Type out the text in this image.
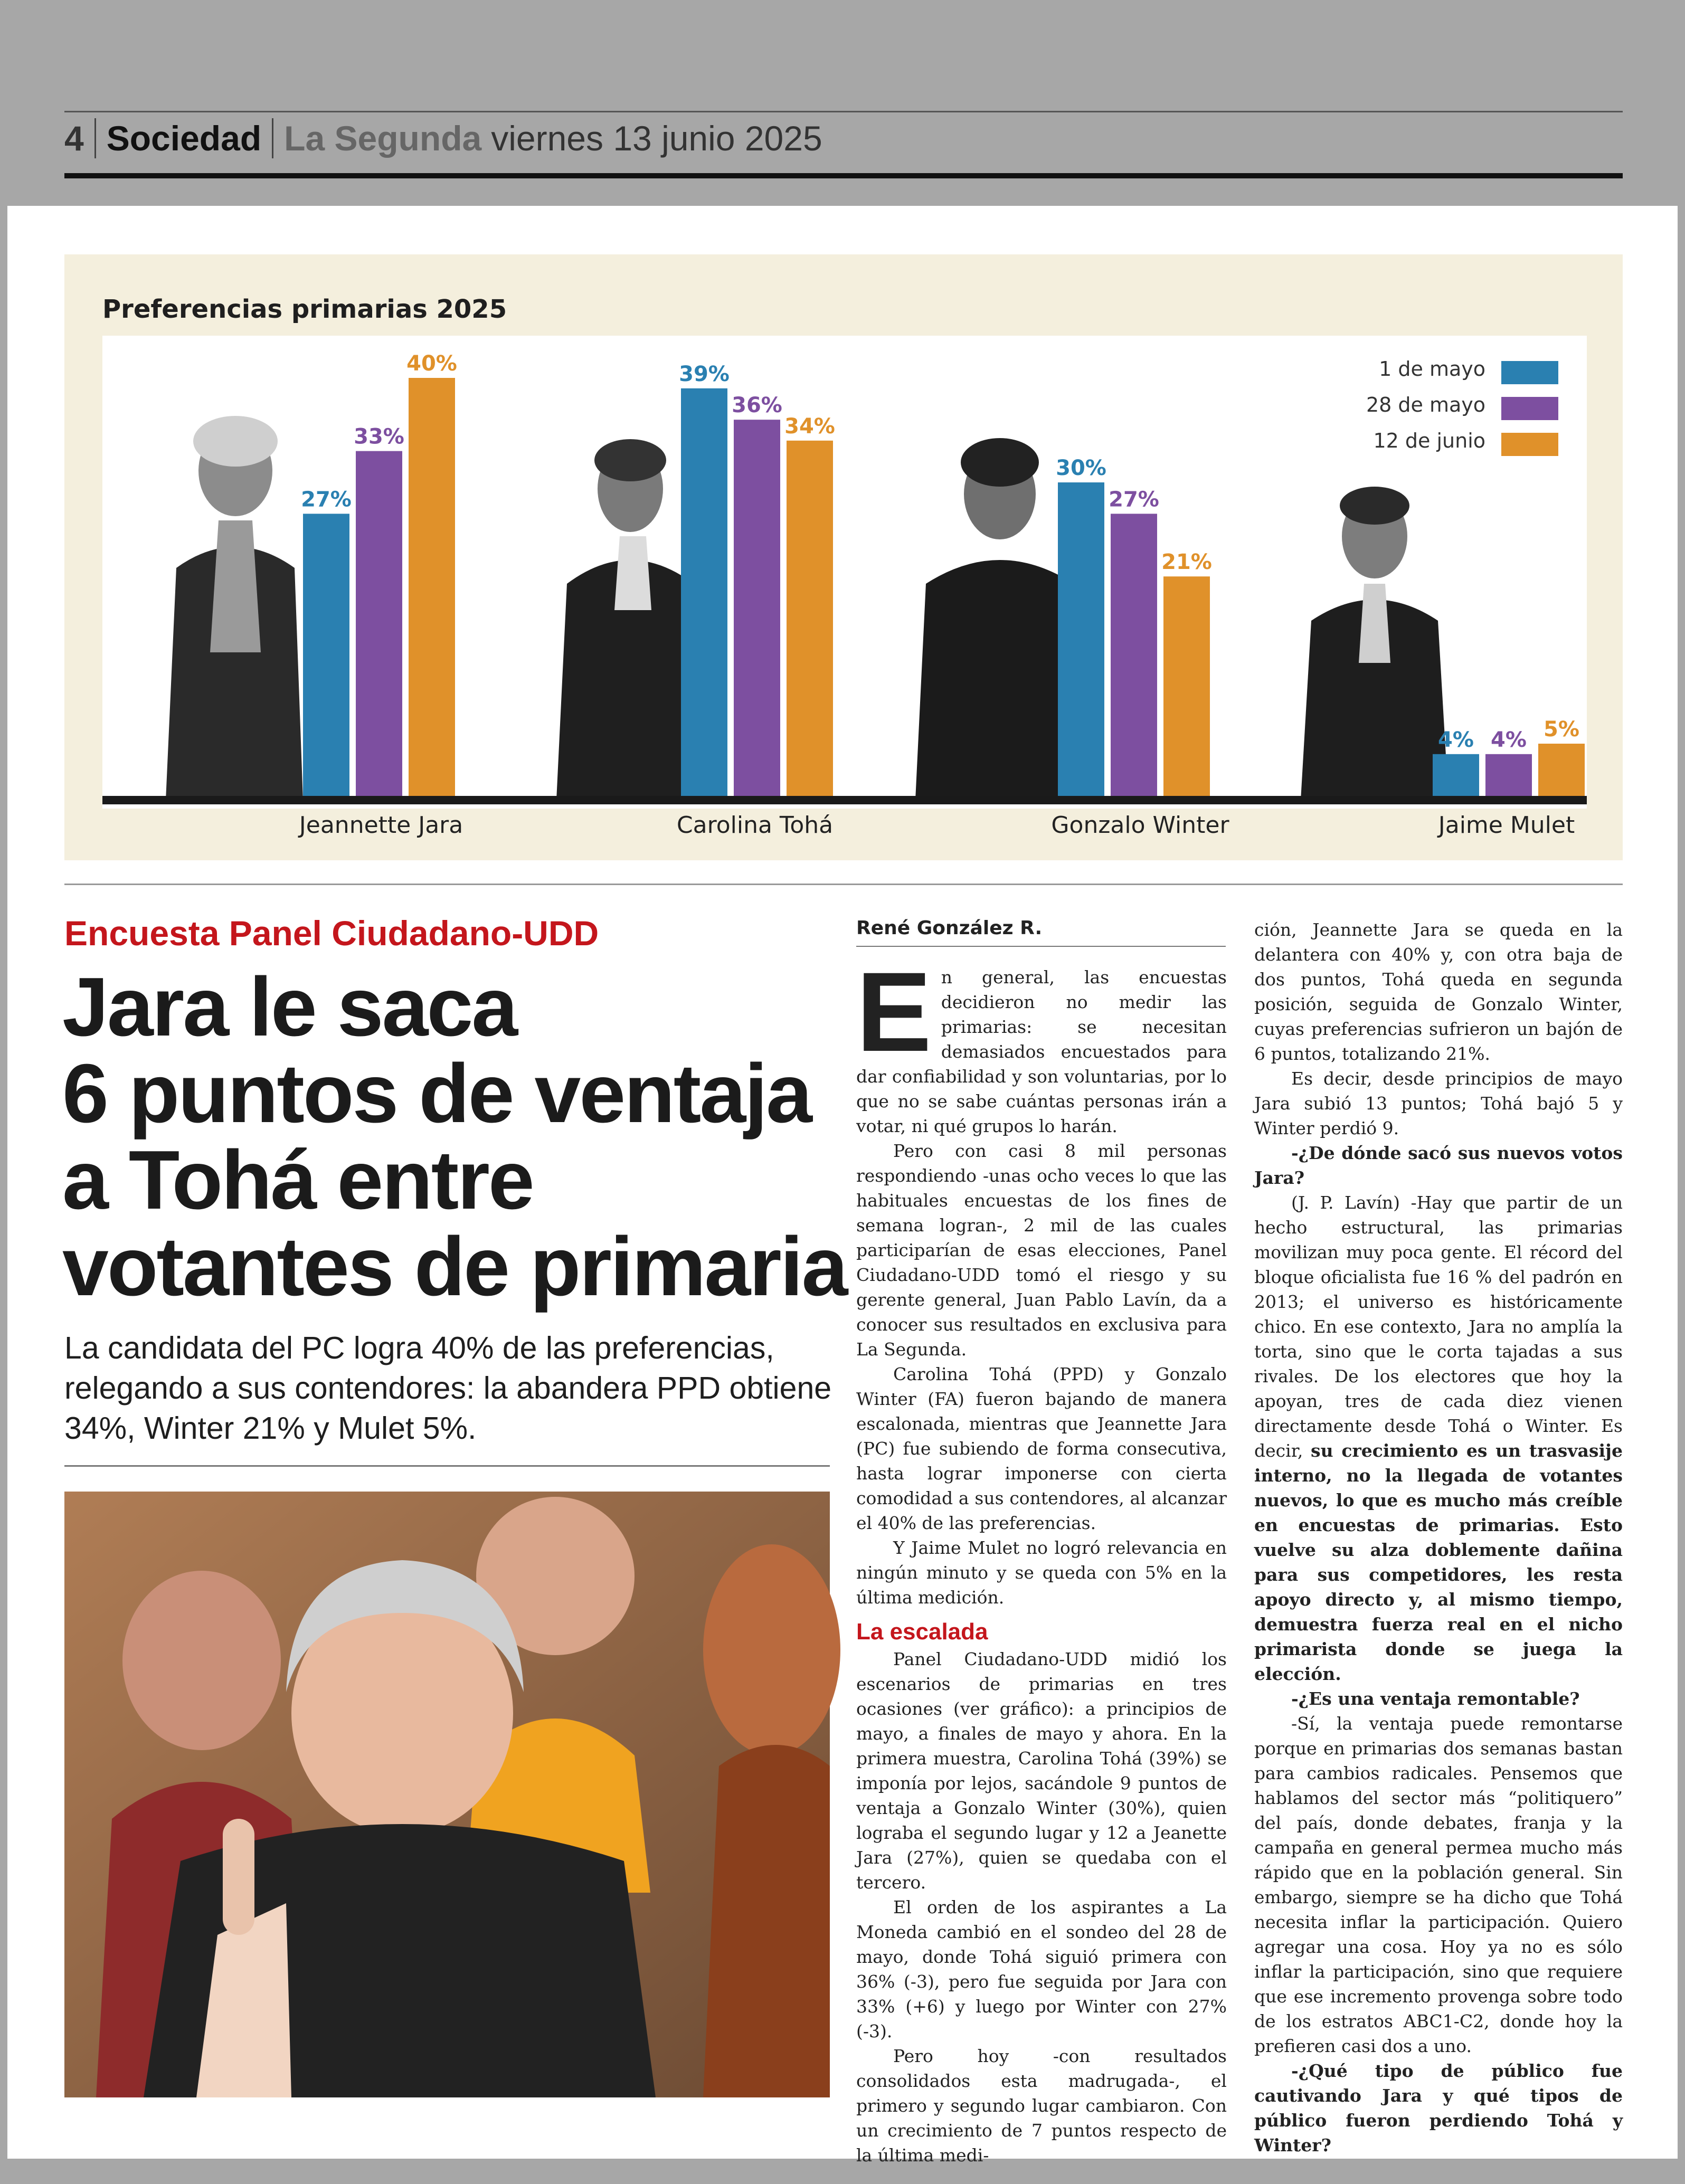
4 Sociedad La Segunda viernes 13 junio 2025
Preferencias primarias 2025
27%
33%
40%	39%
36%
34%
30%
27%
21%
4% 4% 5%
Jeannette Jara	Carolina Tohá	Gonzalo Winter	Jaime Mulet
1 de mayo
28 de mayo
12 de junio
Encuesta Panel Ciudadano-UDD
Jara le saca
6 puntos de ventaja
a Tohá entre
votantes de primaria

La candidata del PC logra 40% de las preferencias, relegando a sus contendores: la abandera PPD obtiene 34%, Winter 21% y Mulet 5%.

René González R.

En general, las encuestas decidieron no medir las primarias: se necesitan demasiados encuestados para dar confiabilidad y son voluntarias, por lo que no se sabe cuántas personas irán a votar, ni qué grupos lo harán.

Pero con casi 8 mil personas respondiendo -unas ocho veces lo que las habituales encuestas de los fines de semana logran-, 2 mil de las cuales participarían de esas elecciones, Panel Ciudadano-UDD tomó el riesgo y su gerente general, Juan Pablo Lavín, da a conocer sus resultados en exclusiva para La Segunda.

Carolina Tohá (PPD) y Gonzalo Winter (FA) fueron bajando de manera escalonada, mientras que Jeannette Jara (PC) fue subiendo de forma consecutiva, hasta lograr imponerse con cierta comodidad a sus contendores, al alcanzar el 40% de las preferencias.

Y Jaime Mulet no logró relevancia en ningún minuto y se queda con 5% en la última medición.

La escalada

Panel Ciudadano-UDD midió los escenarios de primarias en tres ocasiones (ver gráfico): a principios de mayo, a finales de mayo y ahora. En la primera muestra, Carolina Tohá (39%) se imponía por lejos, sacándole 9 puntos de ventaja a Gonzalo Winter (30%), quien lograba el segundo lugar y 12 a Jeanette Jara (27%), quien se quedaba con el tercero.

El orden de los aspirantes a La Moneda cambió en el sondeo del 28 de mayo, donde Tohá siguió primera con 36% (-3), pero fue seguida por Jara con 33% (+6) y luego por Winter con 27% (-3).

Pero hoy -con resultados consolidados esta madrugada-, el primero y segundo lugar cambiaron. Con un crecimiento de 7 puntos respecto de la última medi-

ción, Jeannette Jara se queda en la delantera con 40% y, con otra baja de dos puntos, Tohá queda en segunda posición, seguida de Gonzalo Winter, cuyas preferencias sufrieron un bajón de 6 puntos, totalizando 21%.

Es decir, desde principios de mayo Jara subió 13 puntos; Tohá bajó 5 y Winter perdió 9.

-¿De dónde sacó sus nuevos votos Jara?

(J. P. Lavín) -Hay que partir de un hecho estructural, las primarias movilizan muy poca gente. El récord del bloque oficialista fue 16 % del padrón en 2013; el universo es históricamente chico. En ese contexto, Jara no amplía la torta, sino que le corta tajadas a sus rivales. De los electores que hoy la apoyan, tres de cada diez vienen directamente desde Tohá o Winter. Es decir, su crecimiento es un trasvasije interno, no la llegada de votantes nuevos, lo que es mucho más creíble en encuestas de primarias. Esto vuelve su alza doblemente dañina para sus competidores, les resta apoyo directo y, al mismo tiempo, demuestra fuerza real en el nicho primarista donde se juega la elección.

-¿Es una ventaja remontable?

-Sí, la ventaja puede remontarse porque en primarias dos semanas bastan para cambios radicales. Pensemos que hablamos del sector más “politiquero” del país, donde debates, franja y la campaña en general permea mucho más rápido que en la población general. Sin embargo, siempre se ha dicho que Tohá necesita inflar la participación. Quiero agregar una cosa. Hoy ya no es sólo inflar la participación, sino que requiere que ese incremento provenga sobre todo de los estratos ABC1-C2, donde hoy la prefieren casi dos a uno.

-¿Qué tipo de público fue cautivando Jara y qué tipos de público fueron perdiendo Tohá y Winter?
